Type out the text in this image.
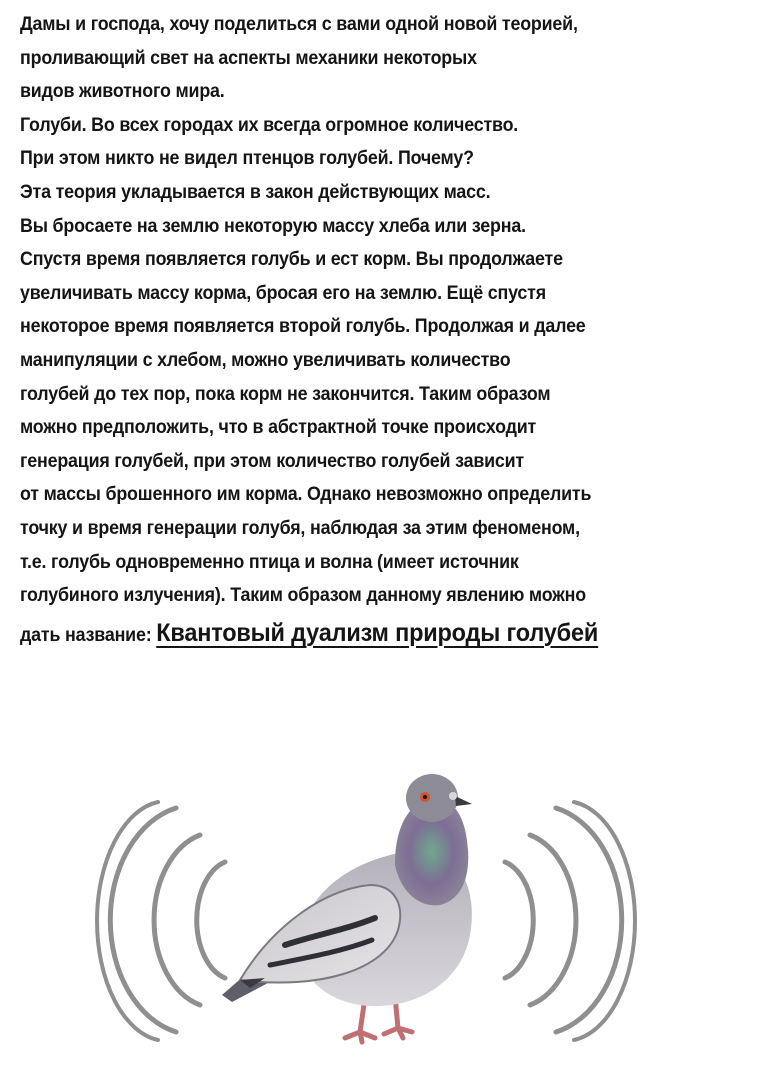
Дамы и господа, хочу поделиться с вами одной новой теорией,
проливающий свет на аспекты механики некоторых
видов животного мира.
Голуби. Во всех городах их всегда огромное количество.
При этом никто не видел птенцов голубей. Почему?
Эта теория укладывается в закон действующих масс.
Вы бросаете на землю некоторую массу хлеба или зерна.
Спустя время появляется голубь и ест корм. Вы продолжаете
увеличивать массу корма, бросая его на землю. Ещё спустя
некоторое время появляется второй голубь. Продолжая и далее
манипуляции с хлебом, можно увеличивать количество
голубей до тех пор, пока корм не закончится. Таким образом
можно предположить, что в абстрактной точке происходит
генерация голубей, при этом количество голубей зависит
от массы брошенного им корма. Однако невозможно определить
точку и время генерации голубя, наблюдая за этим феноменом,
т.е. голубь одновременно птица и волна (имеет источник
голубиного излучения). Таким образом данному явлению можно
дать название: Квантовый дуализм природы голубей
